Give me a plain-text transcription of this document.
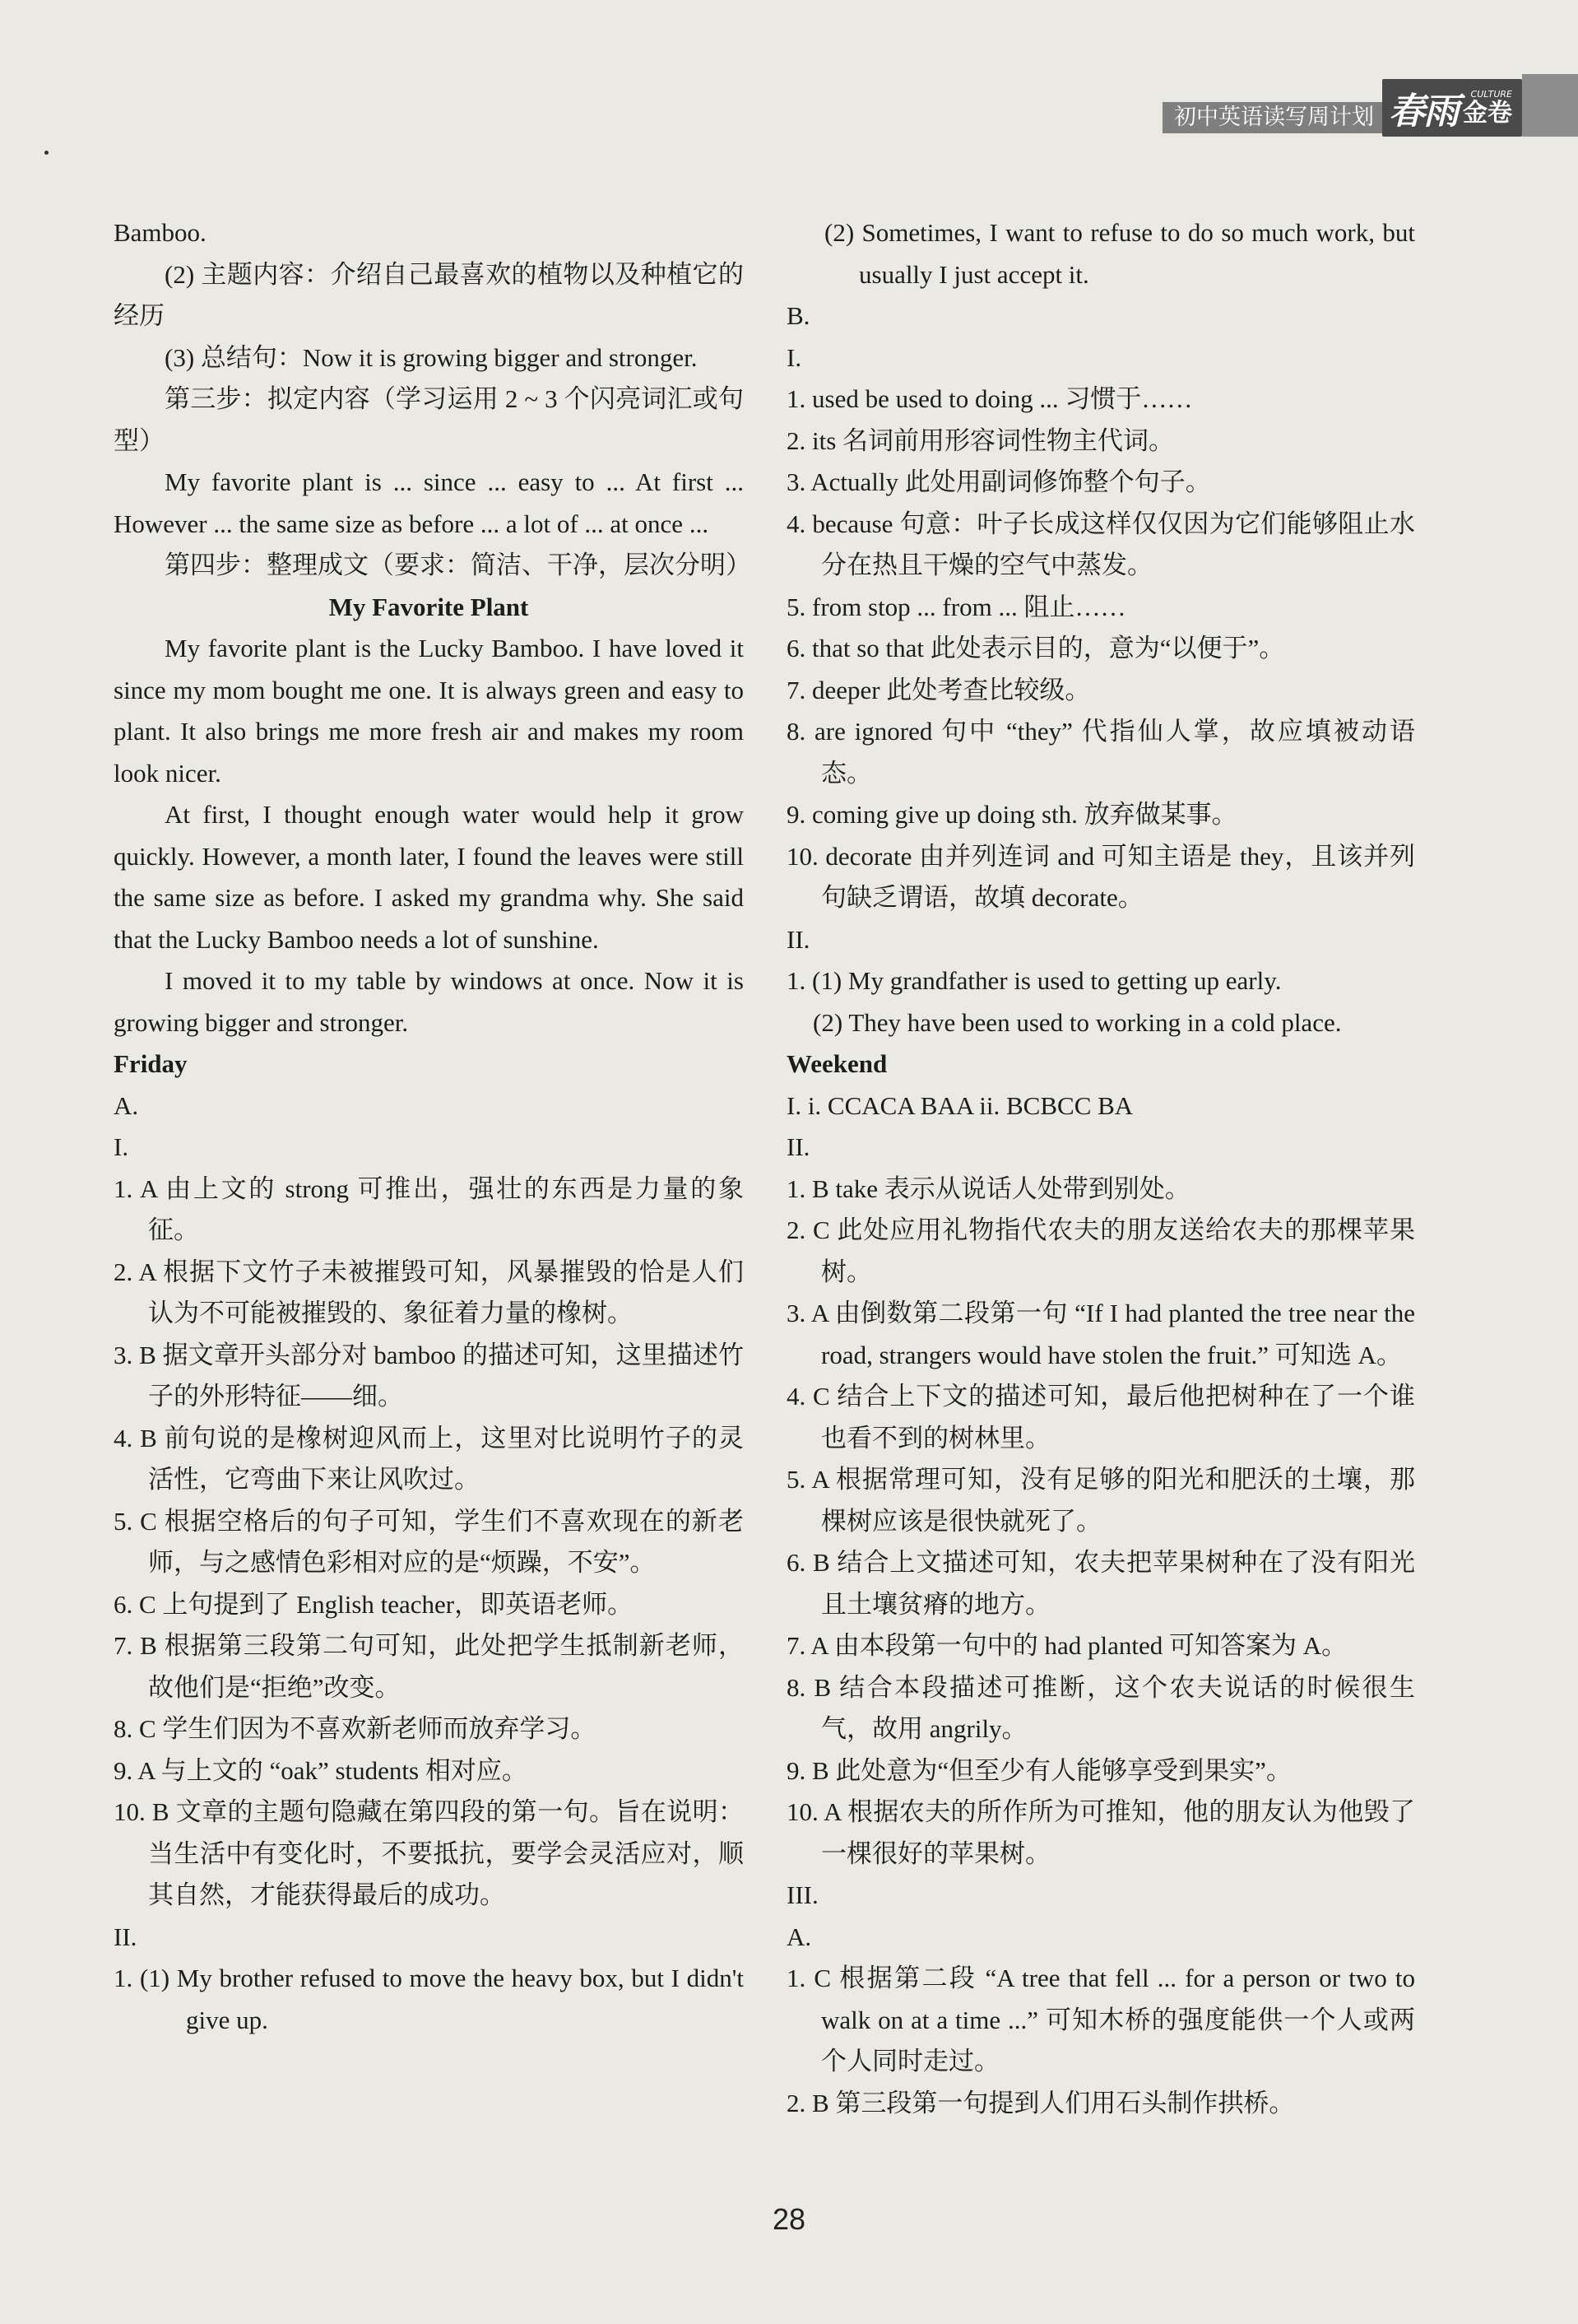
初中英语读写周计划 春雨 CULTURE
金卷

Bamboo.

(2) 主题内容：介绍自己最喜欢的植物以及种植它的经历

(3) 总结句：Now it is growing bigger and stronger.

第三步：拟定内容（学习运用 2 ~ 3 个闪亮词汇或句型）

My favorite plant is ... since ... easy to ... At first ... However ... the same size as before ... a lot of ... at once ...

第四步：整理成文（要求：简洁、干净，层次分明）

My Favorite Plant

My favorite plant is the Lucky Bamboo. I have loved it since my mom bought me one. It is always green and easy to plant. It also brings me more fresh air and makes my room look nicer.

At first, I thought enough water would help it grow quickly. However, a month later, I found the leaves were still the same size as before. I asked my grandma why. She said that the Lucky Bamboo needs a lot of sunshine.

I moved it to my table by windows at once. Now it is growing bigger and stronger.

Friday

A.

I.

1. A 由上文的 strong 可推出，强壮的东西是力量的象征。

2. A 根据下文竹子未被摧毁可知，风暴摧毁的恰是人们认为不可能被摧毁的、象征着力量的橡树。

3. B 据文章开头部分对 bamboo 的描述可知，这里描述竹子的外形特征——细。

4. B 前句说的是橡树迎风而上，这里对比说明竹子的灵活性，它弯曲下来让风吹过。

5. C 根据空格后的句子可知，学生们不喜欢现在的新老师，与之感情色彩相对应的是“烦躁，不安”。

6. C 上句提到了 English teacher，即英语老师。

7. B 根据第三段第二句可知，此处把学生抵制新老师，故他们是“拒绝”改变。

8. C 学生们因为不喜欢新老师而放弃学习。

9. A 与上文的 “oak” students 相对应。

10. B 文章的主题句隐藏在第四段的第一句。旨在说明：当生活中有变化时，不要抵抗，要学会灵活应对，顺其自然，才能获得最后的成功。

II.

1. (1) My brother refused to move the heavy box, but I didn't give up.

(2) Sometimes, I want to refuse to do so much work, but usually I just accept it.

B.

I.

1. used be used to doing ... 习惯于……

2. its 名词前用形容词性物主代词。

3. Actually 此处用副词修饰整个句子。

4. because 句意：叶子长成这样仅仅因为它们能够阻止水分在热且干燥的空气中蒸发。

5. from stop ... from ... 阻止……

6. that so that 此处表示目的，意为“以便于”。

7. deeper 此处考查比较级。

8. are ignored 句中 “they” 代指仙人掌，故应填被动语态。

9. coming give up doing sth. 放弃做某事。

10. decorate 由并列连词 and 可知主语是 they，且该并列句缺乏谓语，故填 decorate。

II.

1. (1) My grandfather is used to getting up early.

(2) They have been used to working in a cold place.

Weekend

I. i. CCACA BAA ii. BCBCC BA

II.

1. B take 表示从说话人处带到别处。

2. C 此处应用礼物指代农夫的朋友送给农夫的那棵苹果树。

3. A 由倒数第二段第一句 “If I had planted the tree near the road, strangers would have stolen the fruit.” 可知选 A。

4. C 结合上下文的描述可知，最后他把树种在了一个谁也看不到的树林里。

5. A 根据常理可知，没有足够的阳光和肥沃的土壤，那棵树应该是很快就死了。

6. B 结合上文描述可知，农夫把苹果树种在了没有阳光且土壤贫瘠的地方。

7. A 由本段第一句中的 had planted 可知答案为 A。

8. B 结合本段描述可推断，这个农夫说话的时候很生气，故用 angrily。

9. B 此处意为“但至少有人能够享受到果实”。

10. A 根据农夫的所作所为可推知，他的朋友认为他毁了一棵很好的苹果树。

III.

A.

1. C 根据第二段 “A tree that fell ... for a person or two to walk on at a time ...” 可知木桥的强度能供一个人或两个人同时走过。

2. B 第三段第一句提到人们用石头制作拱桥。

28
